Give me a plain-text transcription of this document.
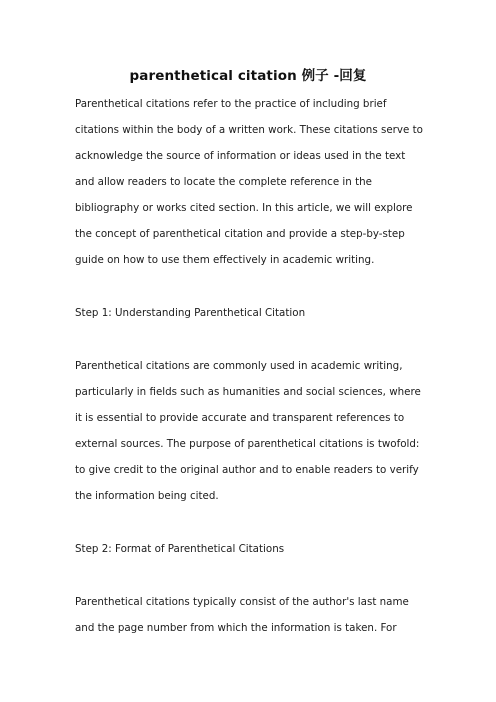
parenthetical citation 例子 -回复

Parenthetical citations refer to the practice of including brief
citations within the body of a written work. These citations serve to
acknowledge the source of information or ideas used in the text
and allow readers to locate the complete reference in the
bibliography or works cited section. In this article, we will explore
the concept of parenthetical citation and provide a step-by-step
guide on how to use them effectively in academic writing.

Step 1: Understanding Parenthetical Citation

Parenthetical citations are commonly used in academic writing,
particularly in fields such as humanities and social sciences, where
it is essential to provide accurate and transparent references to
external sources. The purpose of parenthetical citations is twofold:
to give credit to the original author and to enable readers to verify
the information being cited.

Step 2: Format of Parenthetical Citations

Parenthetical citations typically consist of the author's last name
and the page number from which the information is taken. For
